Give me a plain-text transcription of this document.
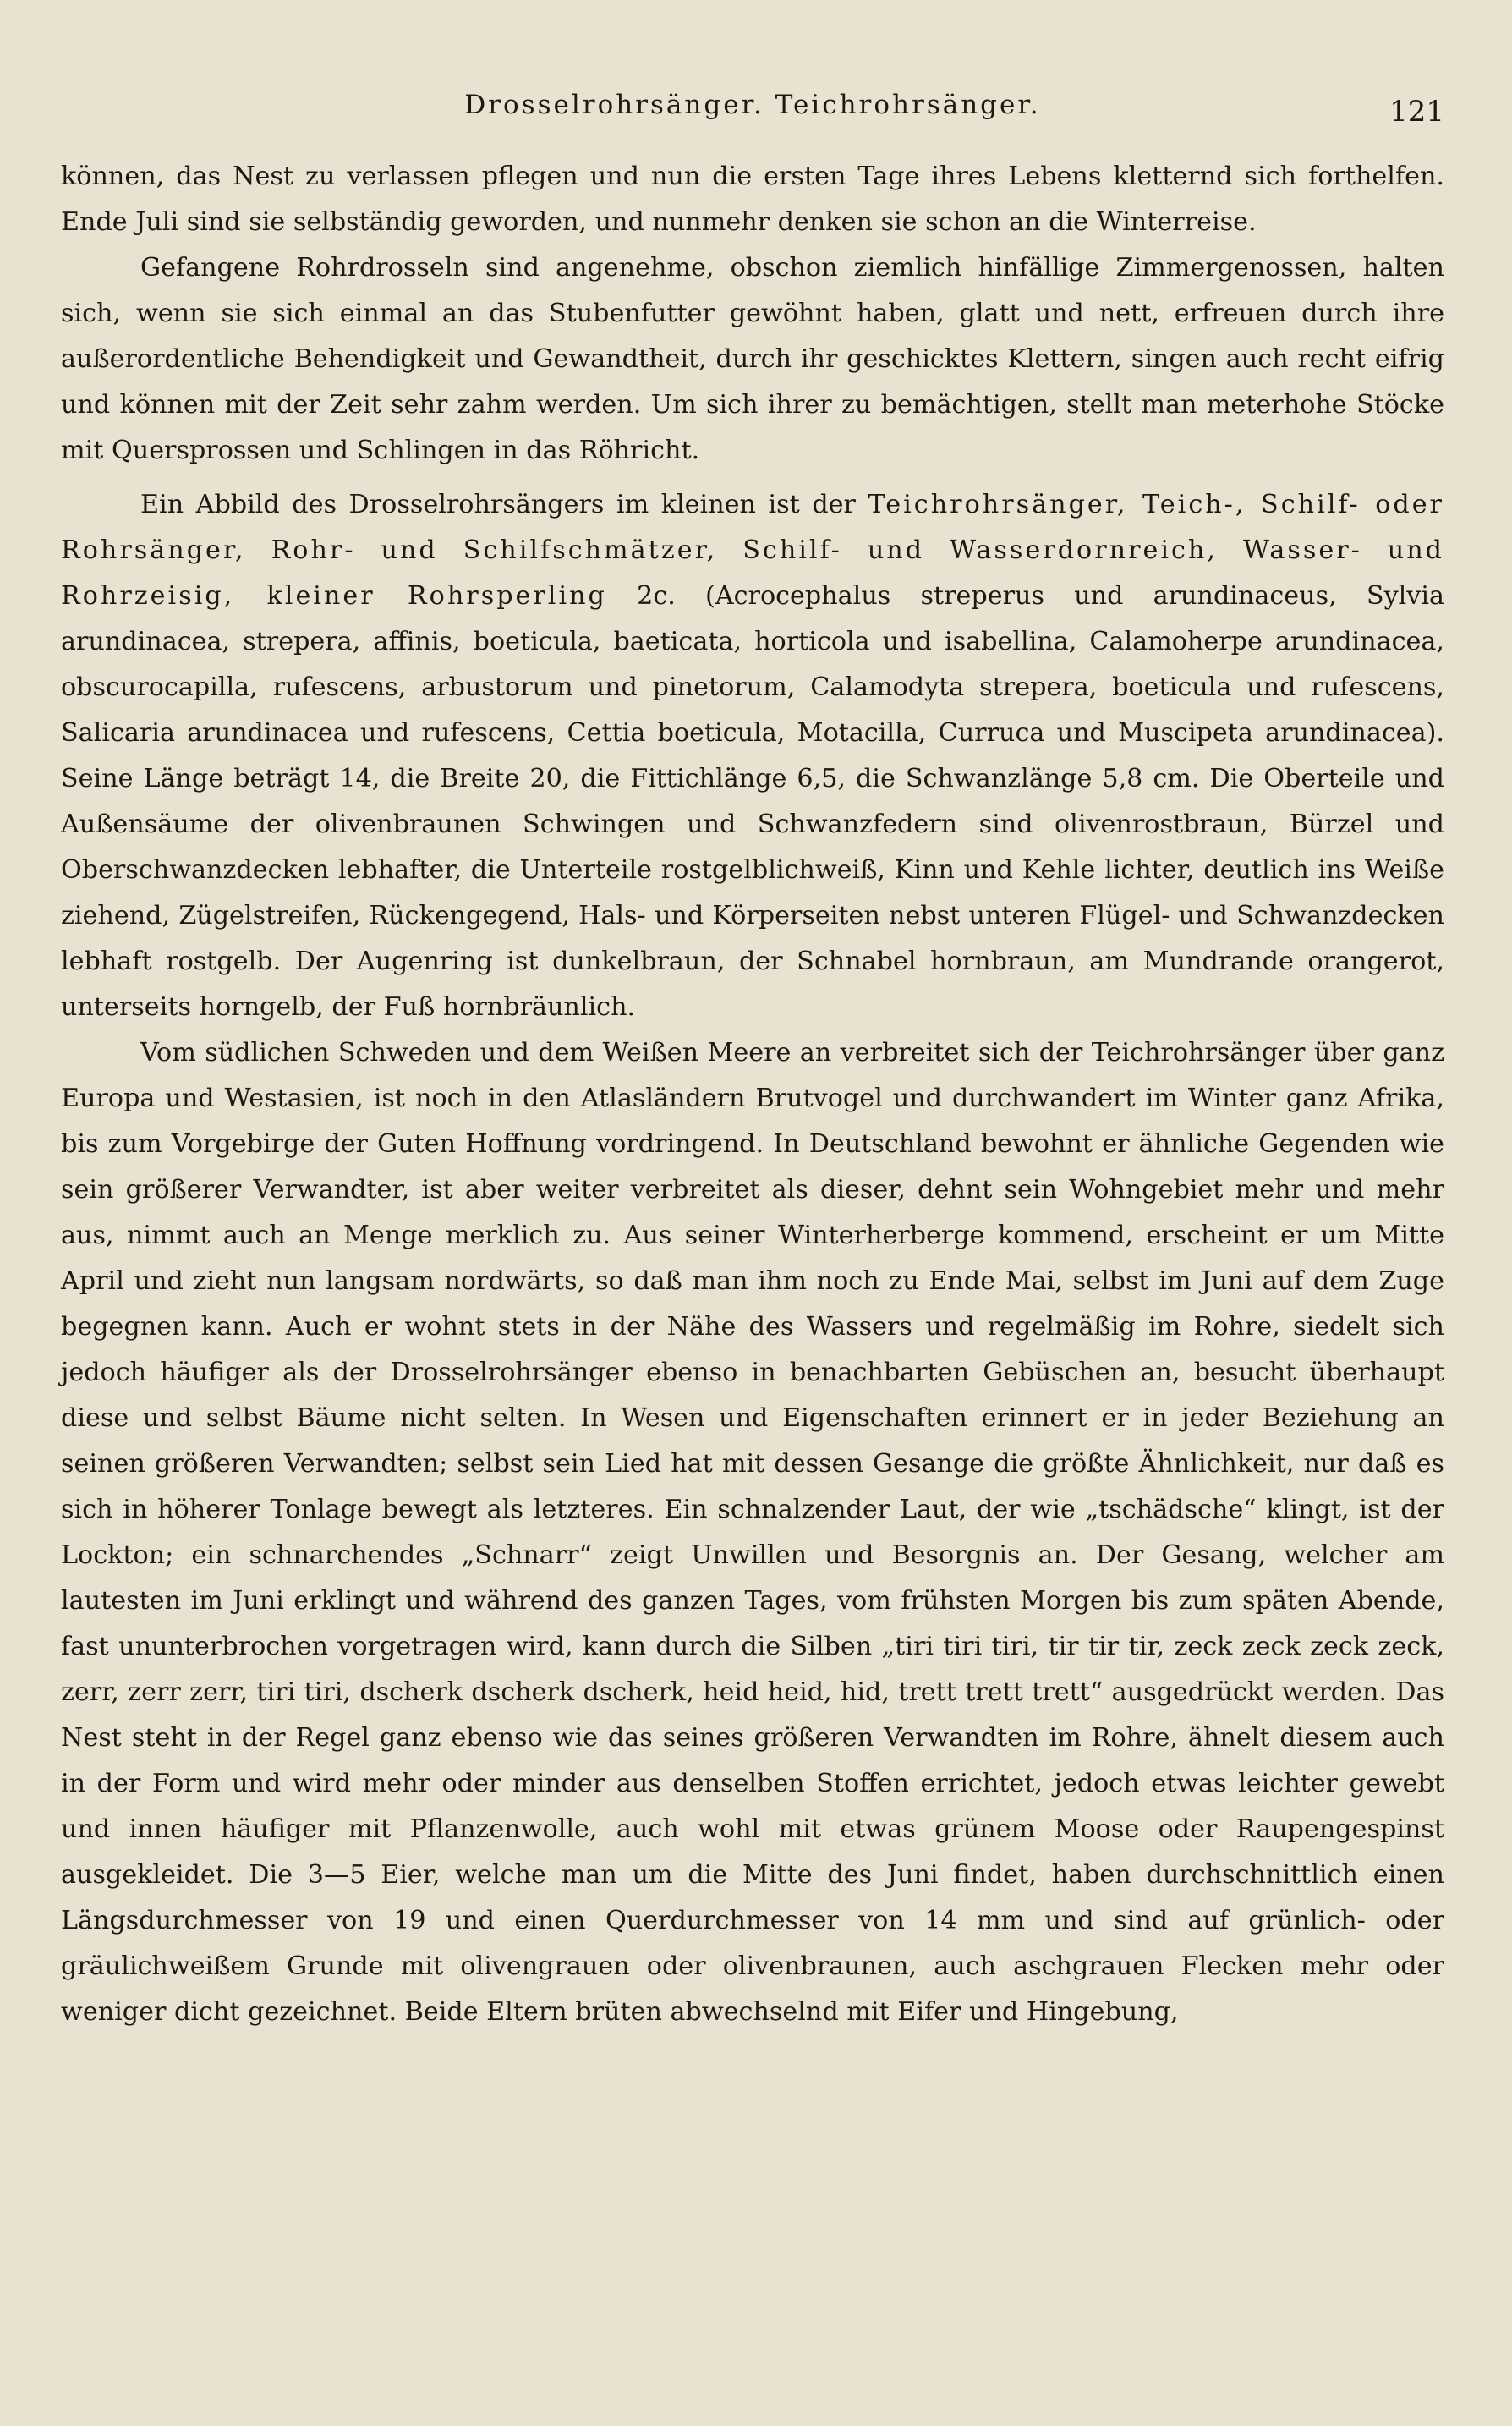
Drosselrohrsänger. Teichrohrsänger.	121

können, das Nest zu verlassen pflegen und nun die ersten Tage ihres Lebens kletternd sich forthelfen. Ende Juli sind sie selbständig geworden, und nunmehr denken sie schon an die Winterreise.

Gefangene Rohrdrosseln sind angenehme, obschon ziemlich hinfällige Zimmergenossen, halten sich, wenn sie sich einmal an das Stubenfutter gewöhnt haben, glatt und nett, erfreuen durch ihre außerordentliche Behendigkeit und Gewandtheit, durch ihr geschicktes Klettern, singen auch recht eifrig und können mit der Zeit sehr zahm werden. Um sich ihrer zu bemächtigen, stellt man meterhohe Stöcke mit Quersprossen und Schlingen in das Röhricht.

Ein Abbild des Drosselrohrsängers im kleinen ist der Teichrohrsänger, Teich-, Schilf- oder Rohrsänger, Rohr- und Schilfschmätzer, Schilf- und Wasserdornreich, Wasser- und Rohrzeisig, kleiner Rohrsperling 2c. (Acrocephalus streperus und arundinaceus, Sylvia arundinacea, strepera, affinis, boeticula, baeticata, horticola und isabellina, Calamoherpe arundinacea, obscurocapilla, rufescens, arbustorum und pinetorum, Calamodyta strepera, boeticula und rufescens, Salicaria arundinacea und rufescens, Cettia boeticula, Motacilla, Curruca und Muscipeta arundinacea). Seine Länge beträgt 14, die Breite 20, die Fittichlänge 6,5, die Schwanzlänge 5,8 cm. Die Oberteile und Außensäume der olivenbraunen Schwingen und Schwanzfedern sind olivenrostbraun, Bürzel und Oberschwanzdecken lebhafter, die Unterteile rostgelblichweiß, Kinn und Kehle lichter, deutlich ins Weiße ziehend, Zügelstreifen, Rückengegend, Hals- und Körperseiten nebst unteren Flügel- und Schwanzdecken lebhaft rostgelb. Der Augenring ist dunkelbraun, der Schnabel hornbraun, am Mundrande orangerot, unterseits horngelb, der Fuß hornbräunlich.

Vom südlichen Schweden und dem Weißen Meere an verbreitet sich der Teichrohrsänger über ganz Europa und Westasien, ist noch in den Atlasländern Brutvogel und durchwandert im Winter ganz Afrika, bis zum Vorgebirge der Guten Hoffnung vordringend. In Deutschland bewohnt er ähnliche Gegenden wie sein größerer Verwandter, ist aber weiter verbreitet als dieser, dehnt sein Wohngebiet mehr und mehr aus, nimmt auch an Menge merklich zu. Aus seiner Winterherberge kommend, erscheint er um Mitte April und zieht nun langsam nordwärts, so daß man ihm noch zu Ende Mai, selbst im Juni auf dem Zuge begegnen kann. Auch er wohnt stets in der Nähe des Wassers und regelmäßig im Rohre, siedelt sich jedoch häufiger als der Drosselrohrsänger ebenso in benachbarten Gebüschen an, besucht überhaupt diese und selbst Bäume nicht selten. In Wesen und Eigenschaften erinnert er in jeder Beziehung an seinen größeren Verwandten; selbst sein Lied hat mit dessen Gesange die größte Ähnlichkeit, nur daß es sich in höherer Tonlage bewegt als letzteres. Ein schnalzender Laut, der wie „tschädsche“ klingt, ist der Lockton; ein schnarchendes „Schnarr“ zeigt Unwillen und Besorgnis an. Der Gesang, welcher am lautesten im Juni erklingt und während des ganzen Tages, vom frühsten Morgen bis zum späten Abende, fast ununterbrochen vorgetragen wird, kann durch die Silben „tiri tiri tiri, tir tir tir, zeck zeck zeck zeck, zerr, zerr zerr, tiri tiri, dscherk dscherk dscherk, heid heid, hid, trett trett trett“ ausgedrückt werden. Das Nest steht in der Regel ganz ebenso wie das seines größeren Verwandten im Rohre, ähnelt diesem auch in der Form und wird mehr oder minder aus denselben Stoffen errichtet, jedoch etwas leichter gewebt und innen häufiger mit Pflanzenwolle, auch wohl mit etwas grünem Moose oder Raupengespinst ausgekleidet. Die 3—5 Eier, welche man um die Mitte des Juni findet, haben durchschnittlich einen Längsdurchmesser von 19 und einen Querdurchmesser von 14 mm und sind auf grünlich- oder gräulichweißem Grunde mit olivengrauen oder olivenbraunen, auch aschgrauen Flecken mehr oder weniger dicht gezeichnet. Beide Eltern brüten abwechselnd mit Eifer und Hingebung,
